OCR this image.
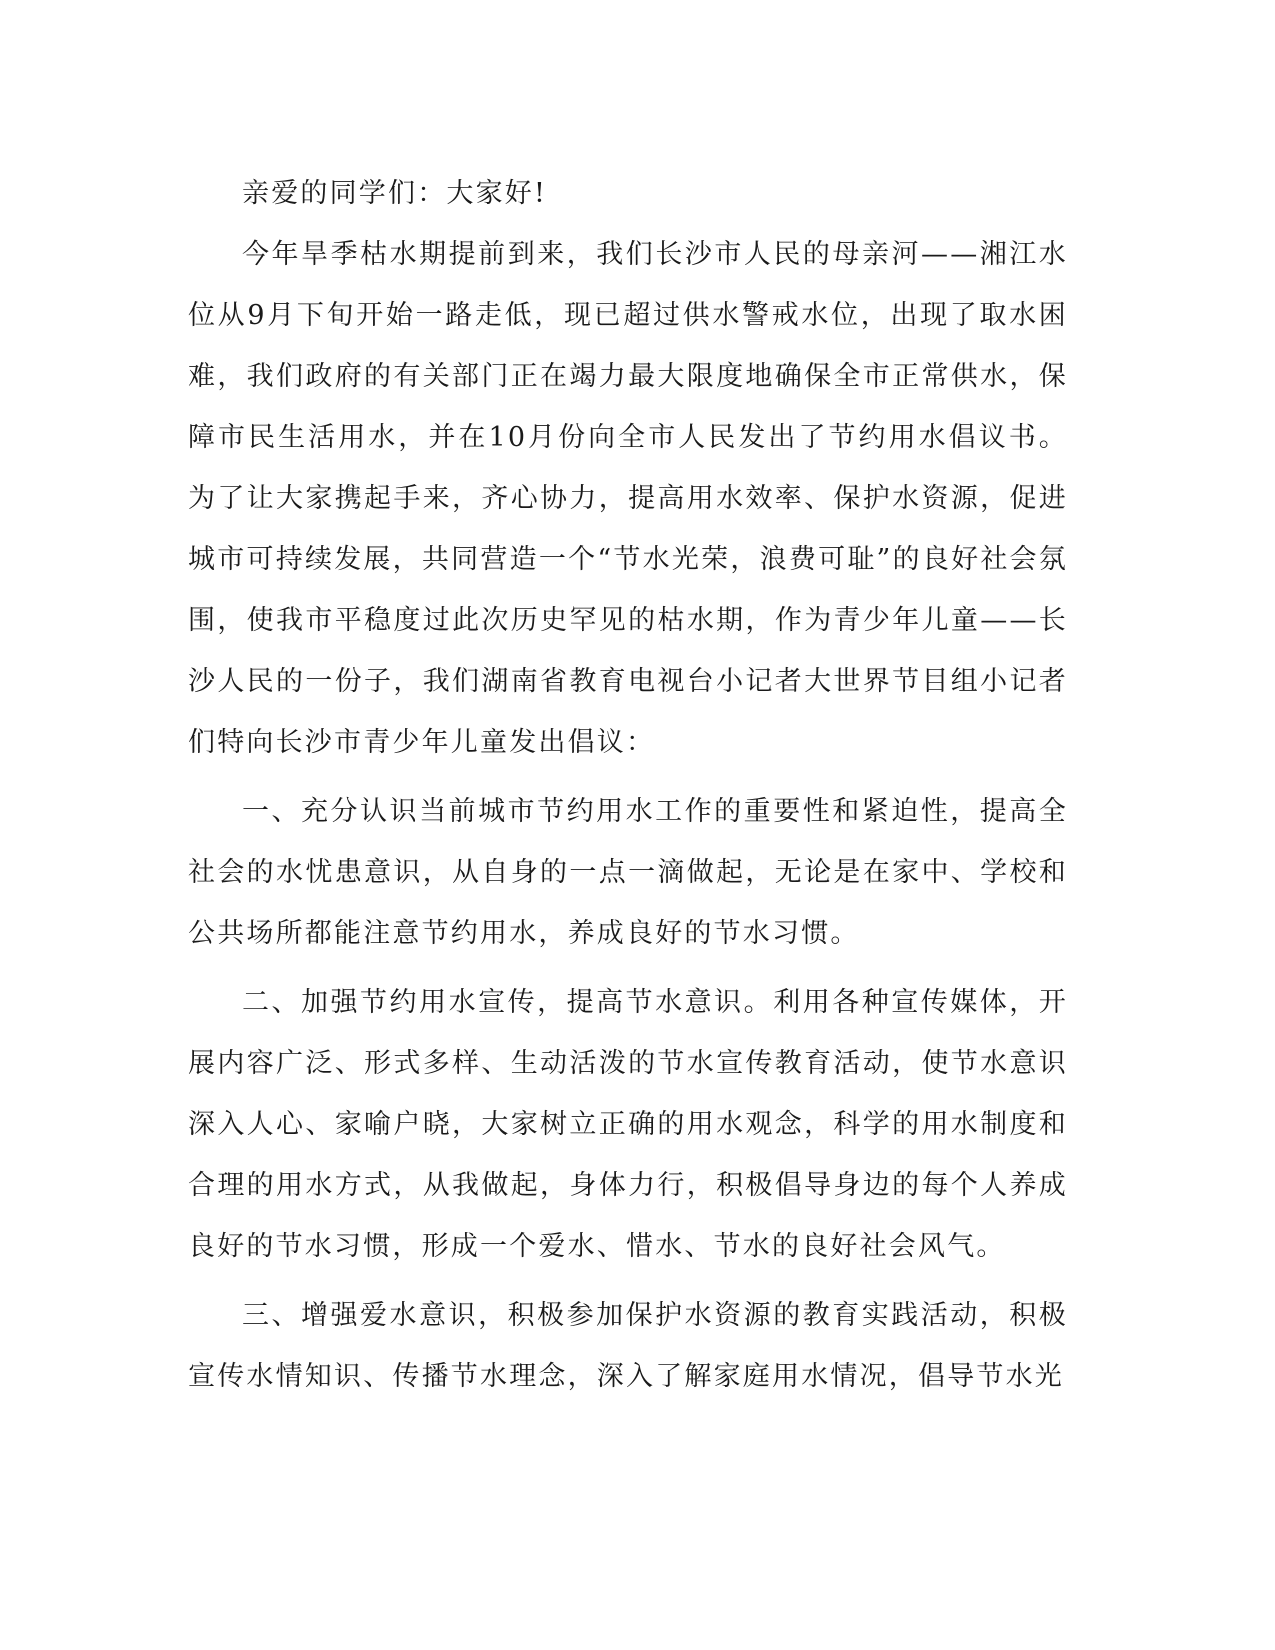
亲爱的同学们：大家好!

今年旱季枯水期提前到来，我们长沙市人民的母亲河——湘江水位从9月下旬开始一路走低，现已超过供水警戒水位，出现了取水困难，我们政府的有关部门正在竭力最大限度地确保全市正常供水，保障市民生活用水，并在10月份向全市人民发出了节约用水倡议书。为了让大家携起手来，齐心协力，提高用水效率、保护水资源，促进城市可持续发展，共同营造一个“节水光荣，浪费可耻”的良好社会氛围，使我市平稳度过此次历史罕见的枯水期，作为青少年儿童——长沙人民的一份子，我们湖南省教育电视台小记者大世界节目组小记者们特向长沙市青少年儿童发出倡议：

一、充分认识当前城市节约用水工作的重要性和紧迫性，提高全社会的水忧患意识，从自身的一点一滴做起，无论是在家中、学校和公共场所都能注意节约用水，养成良好的节水习惯。

二、加强节约用水宣传，提高节水意识。利用各种宣传媒体，开展内容广泛、形式多样、生动活泼的节水宣传教育活动，使节水意识深入人心、家喻户晓，大家树立正确的用水观念，科学的用水制度和合理的用水方式，从我做起，身体力行，积极倡导身边的每个人养成良好的节水习惯，形成一个爱水、惜水、节水的良好社会风气。

三、增强爱水意识，积极参加保护水资源的教育实践活动，积极宣传水情知识、传播节水理念，深入了解家庭用水情况，倡导节水光
